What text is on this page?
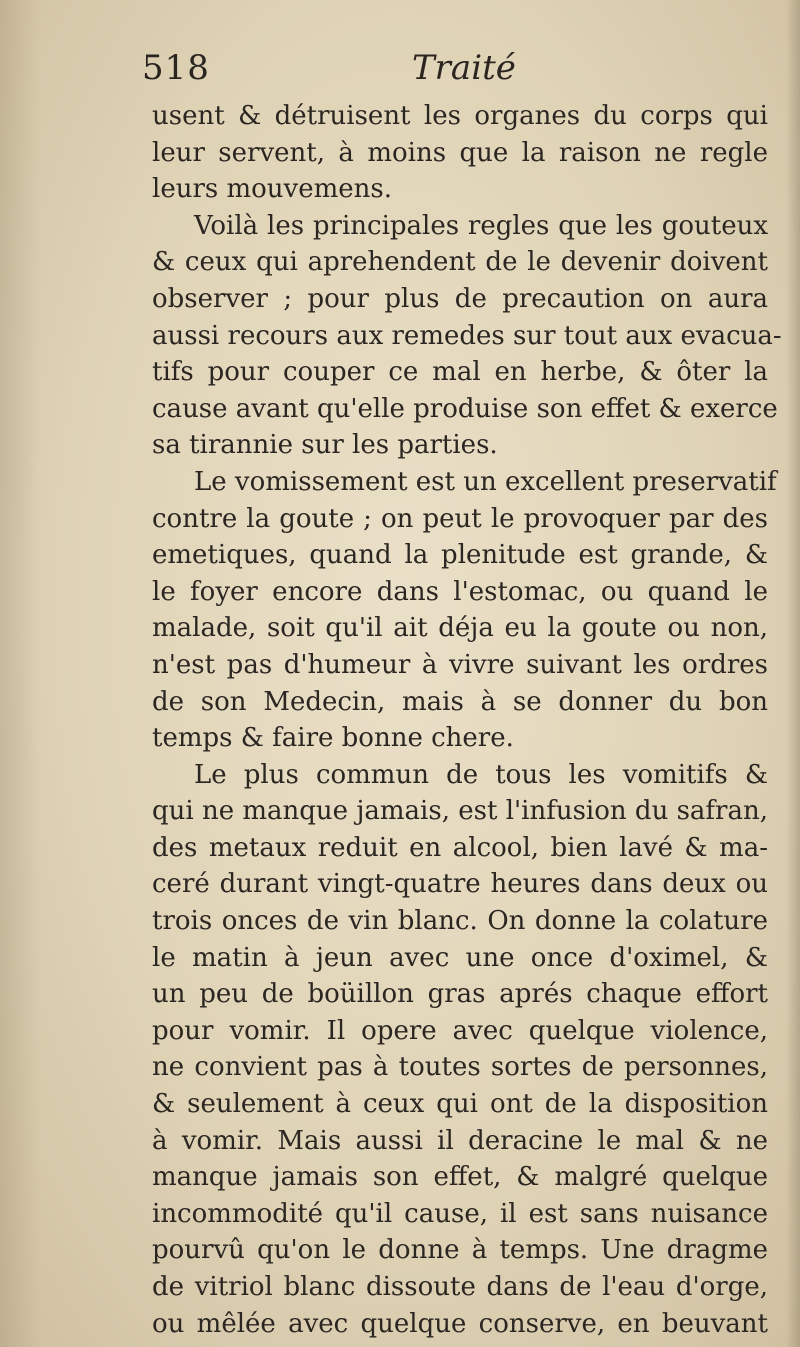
518	Traité
usent & détruisent les organes du corps qui
leur servent, à moins que la raison ne regle
leurs mouvemens.
Voilà les principales regles que les gouteux
& ceux qui aprehendent de le devenir doivent
observer ; pour plus de precaution on aura
aussi recours aux remedes sur tout aux evacua-
tifs pour couper ce mal en herbe, & ôter la
cause avant qu'elle produise son effet & exerce
sa tirannie sur les parties.
Le vomissement est un excellent preservatif
contre la goute ; on peut le provoquer par des
emetiques, quand la plenitude est grande, &
le foyer encore dans l'estomac, ou quand le
malade, soit qu'il ait déja eu la goute ou non,
n'est pas d'humeur à vivre suivant les ordres
de son Medecin, mais à se donner du bon
temps & faire bonne chere.
Le plus commun de tous les vomitifs &
qui ne manque jamais, est l'infusion du safran,
des metaux reduit en alcool, bien lavé & ma-
ceré durant vingt-quatre heures dans deux ou
trois onces de vin blanc. On donne la colature
le matin à jeun avec une once d'oximel, &
un peu de boüillon gras aprés chaque effort
pour vomir. Il opere avec quelque violence,
ne convient pas à toutes sortes de personnes,
& seulement à ceux qui ont de la disposition
à vomir. Mais aussi il deracine le mal & ne
manque jamais son effet, & malgré quelque
incommodité qu'il cause, il est sans nuisance
pourvû qu'on le donne à temps. Une dragme
de vitriol blanc dissoute dans de l'eau d'orge,
ou mêlée avec quelque conserve, en beuvant
